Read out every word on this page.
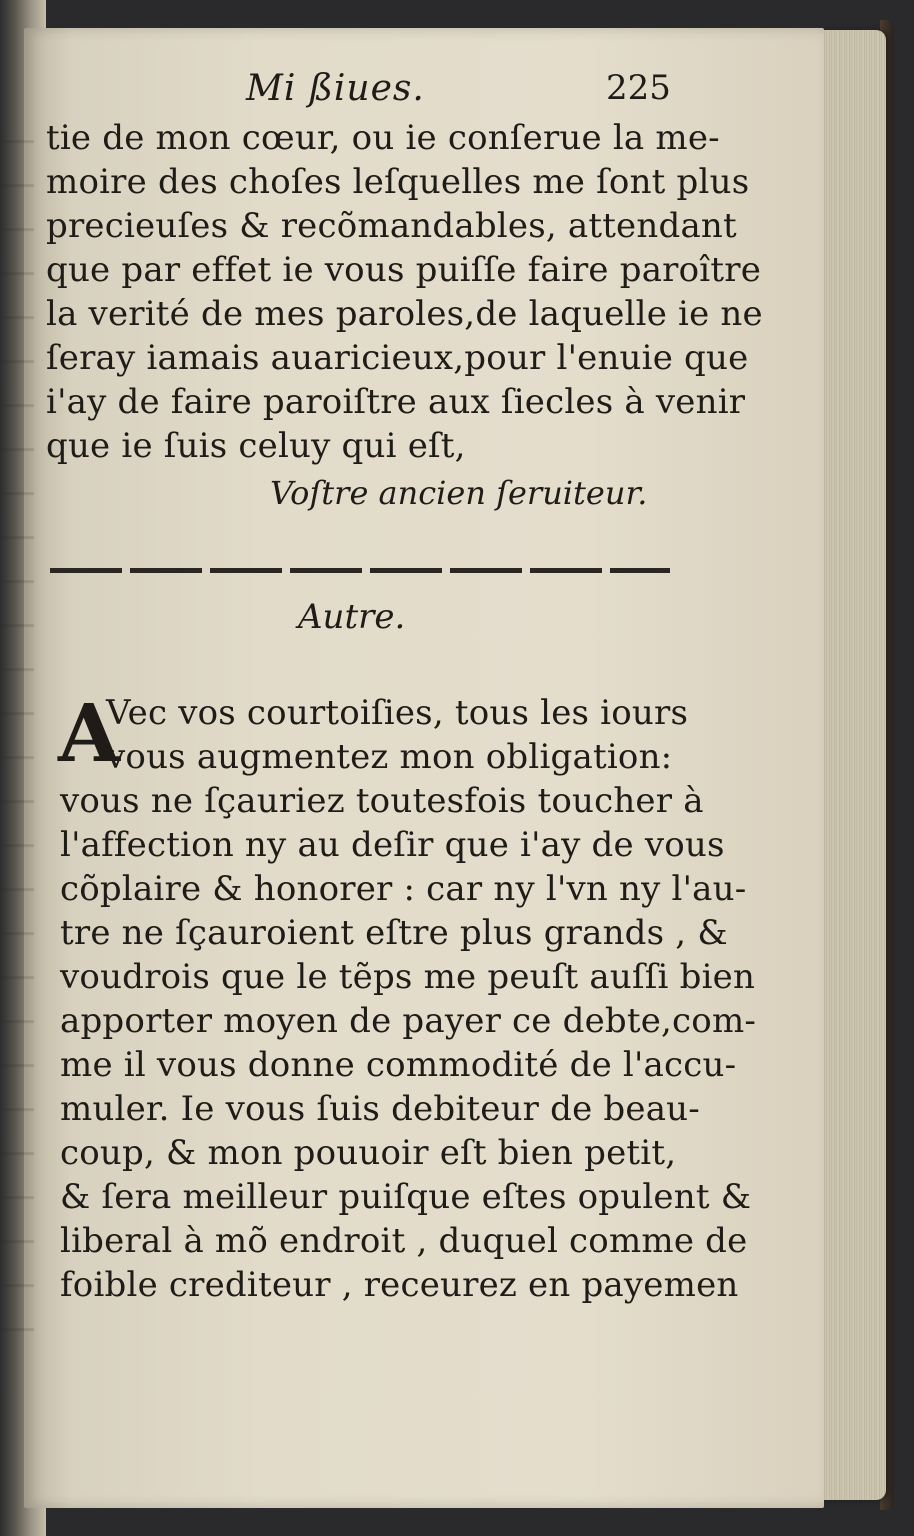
Mi ßiues.	225
tie de mon cœur, ou ie conſerue la me-
moire des choſes leſquelles me ſont plus
precieuſes & recõmandables, attendant
que par effet ie vous puiſſe faire paroître
la verité de mes paroles,de laquelle ie ne
ſeray iamais auaricieux,pour l'enuie que
i'ay de faire paroiſtre aux ſiecles à venir
que ie ſuis celuy qui eſt,
Voſtre ancien ſeruiteur.
Autre.
A
Vec vos courtoiſies, tous les iours
vous augmentez mon obligation:
vous ne ſçauriez toutesfois toucher à
l'affection ny au deſir que i'ay de vous
cõplaire & honorer : car ny l'vn ny l'au-
tre ne ſçauroient eſtre plus grands , &
voudrois que le tẽps me peuſt auſſi bien
apporter moyen de payer ce debte,com-
me il vous donne commodité de l'accu-
muler. Ie vous ſuis debiteur de beau-
coup, & mon pouuoir eſt bien petit,
& ſera meilleur puiſque eſtes opulent &
liberal à mõ endroit , duquel comme de
foible crediteur , receurez en payemen
